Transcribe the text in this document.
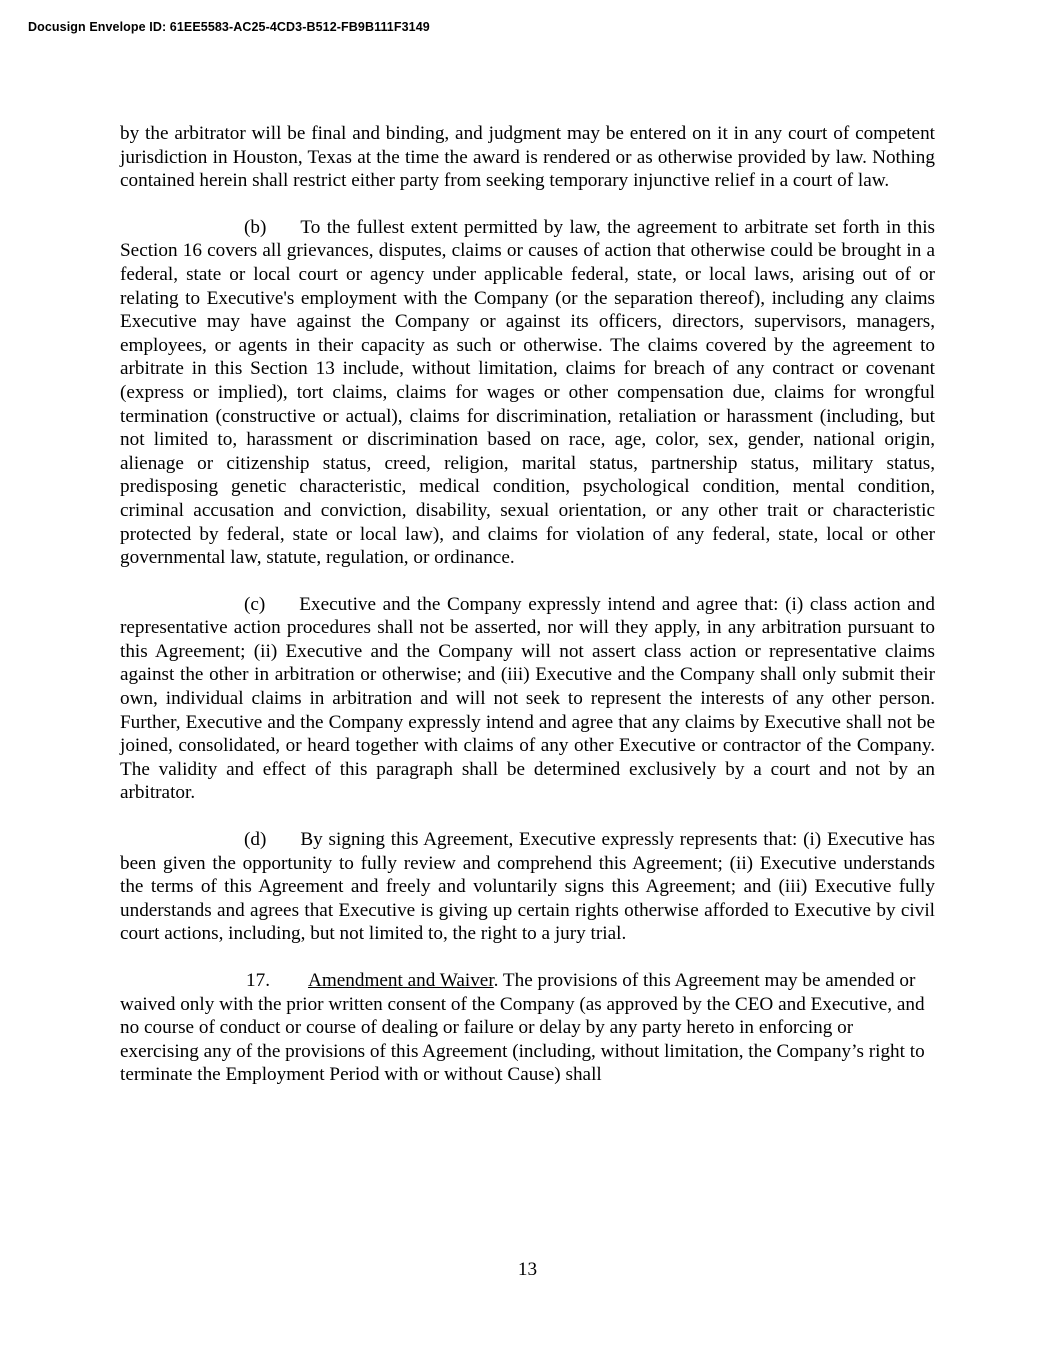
Docusign Envelope ID: 61EE5583-AC25-4CD3-B512-FB9B111F3149

by the arbitrator will be final and binding, and judgment may be entered on it in any court of competent jurisdiction in Houston, Texas at the time the award is rendered or as otherwise provided by law. Nothing contained herein shall restrict either party from seeking temporary injunctive relief in a court of law.

(b) To the fullest extent permitted by law, the agreement to arbitrate set forth in this Section 16 covers all grievances, disputes, claims or causes of action that otherwise could be brought in a federal, state or local court or agency under applicable federal, state, or local laws, arising out of or relating to Executive's employment with the Company (or the separation thereof), including any claims Executive may have against the Company or against its officers, directors, supervisors, managers, employees, or agents in their capacity as such or otherwise. The claims covered by the agreement to arbitrate in this Section 13 include, without limitation, claims for breach of any contract or covenant (express or implied), tort claims, claims for wages or other compensation due, claims for wrongful termination (constructive or actual), claims for discrimination, retaliation or harassment (including, but not limited to, harassment or discrimination based on race, age, color, sex, gender, national origin, alienage or citizenship status, creed, religion, marital status, partnership status, military status, predisposing genetic characteristic, medical condition, psychological condition, mental condition, criminal accusation and conviction, disability, sexual orientation, or any other trait or characteristic protected by federal, state or local law), and claims for violation of any federal, state, local or other governmental law, statute, regulation, or ordinance.

(c) Executive and the Company expressly intend and agree that: (i) class action and representative action procedures shall not be asserted, nor will they apply, in any arbitration pursuant to this Agreement; (ii) Executive and the Company will not assert class action or representative claims against the other in arbitration or otherwise; and (iii) Executive and the Company shall only submit their own, individual claims in arbitration and will not seek to represent the interests of any other person. Further, Executive and the Company expressly intend and agree that any claims by Executive shall not be joined, consolidated, or heard together with claims of any other Executive or contractor of the Company. The validity and effect of this paragraph shall be determined exclusively by a court and not by an arbitrator.

(d) By signing this Agreement, Executive expressly represents that: (i) Executive has been given the opportunity to fully review and comprehend this Agreement; (ii) Executive understands the terms of this Agreement and freely and voluntarily signs this Agreement; and (iii) Executive fully understands and agrees that Executive is giving up certain rights otherwise afforded to Executive by civil court actions, including, but not limited to, the right to a jury trial.

17. Amendment and Waiver. The provisions of this Agreement may be amended or waived only with the prior written consent of the Company (as approved by the CEO and Executive, and no course of conduct or course of dealing or failure or delay by any party hereto in enforcing or exercising any of the provisions of this Agreement (including, without limitation, the Company’s right to terminate the Employment Period with or without Cause) shall

13
